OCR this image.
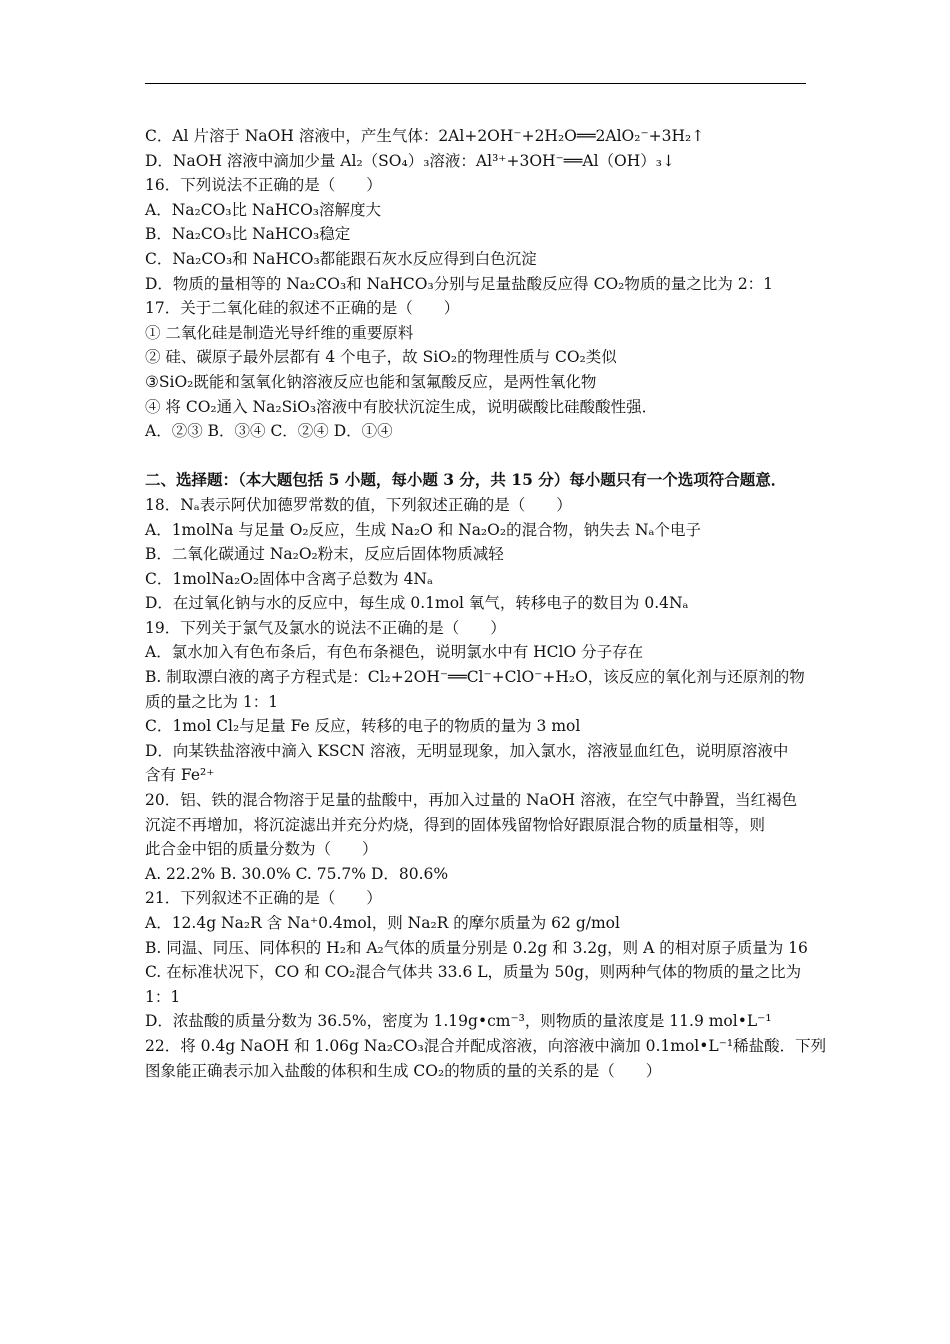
C．Al 片溶于 NaOH 溶液中，产生气体：2Al+2OH⁻+2H₂O══2AlO₂⁻+3H₂↑
D．NaOH 溶液中滴加少量 Al₂（SO₄）₃溶液：Al³⁺+3OH⁻══Al（OH）₃↓
16．下列说法不正确的是（　　）
A．Na₂CO₃比 NaHCO₃溶解度大
B．Na₂CO₃比 NaHCO₃稳定
C．Na₂CO₃和 NaHCO₃都能跟石灰水反应得到白色沉淀
D．物质的量相等的 Na₂CO₃和 NaHCO₃分别与足量盐酸反应得 CO₂物质的量之比为 2：1
17．关于二氧化硅的叙述不正确的是（　　）
① 二氧化硅是制造光导纤维的重要原料
② 硅、碳原子最外层都有 4 个电子，故 SiO₂的物理性质与 CO₂类似
③SiO₂既能和氢氧化钠溶液反应也能和氢氟酸反应，是两性氧化物
④ 将 CO₂通入 Na₂SiO₃溶液中有胶状沉淀生成，说明碳酸比硅酸酸性强．
A．②③ B．③④ C．②④ D．①④
二、选择题：（本大题包括 5 小题，每小题 3 分，共 15 分）每小题只有一个选项符合题意．
18．Nₐ表示阿伏加德罗常数的值，下列叙述正确的是（　　）
A．1molNa 与足量 O₂反应，生成 Na₂O 和 Na₂O₂的混合物，钠失去 Nₐ个电子
B．二氧化碳通过 Na₂O₂粉末，反应后固体物质减轻
C．1molNa₂O₂固体中含离子总数为 4Nₐ
D．在过氧化钠与水的反应中，每生成 0.1mol 氧气，转移电子的数目为 0.4Nₐ
19．下列关于氯气及氯水的说法不正确的是（　　）
A．氯水加入有色布条后，有色布条褪色，说明氯水中有 HClO 分子存在
B. 制取漂白液的离子方程式是：Cl₂+2OH⁻══Cl⁻+ClO⁻+H₂O，该反应的氧化剂与还原剂的物
质的量之比为 1：1
C．1mol Cl₂与足量 Fe 反应，转移的电子的物质的量为 3 mol
D．向某铁盐溶液中滴入 KSCN 溶液，无明显现象，加入氯水，溶液显血红色，说明原溶液中
含有 Fe²⁺
20．铝、铁的混合物溶于足量的盐酸中，再加入过量的 NaOH 溶液，在空气中静置，当红褐色
沉淀不再增加，将沉淀滤出并充分灼烧，得到的固体残留物恰好跟原混合物的质量相等，则
此合金中铝的质量分数为（　　）
A. 22.2% B. 30.0% C. 75.7% D．80.6%
21．下列叙述不正确的是（　　）
A．12.4g Na₂R 含 Na⁺0.4mol，则 Na₂R 的摩尔质量为 62 g/mol
B. 同温、同压、同体积的 H₂和 A₂气体的质量分别是 0.2g 和 3.2g，则 A 的相对原子质量为 16
C. 在标准状况下，CO 和 CO₂混合气体共 33.6 L，质量为 50g，则两种气体的物质的量之比为
1：1
D．浓盐酸的质量分数为 36.5%，密度为 1.19g•cm⁻³，则物质的量浓度是 11.9 mol•L⁻¹
22．将 0.4g NaOH 和 1.06g Na₂CO₃混合并配成溶液，向溶液中滴加 0.1mol•L⁻¹稀盐酸．下列
图象能正确表示加入盐酸的体积和生成 CO₂的物质的量的关系的是（　　）
